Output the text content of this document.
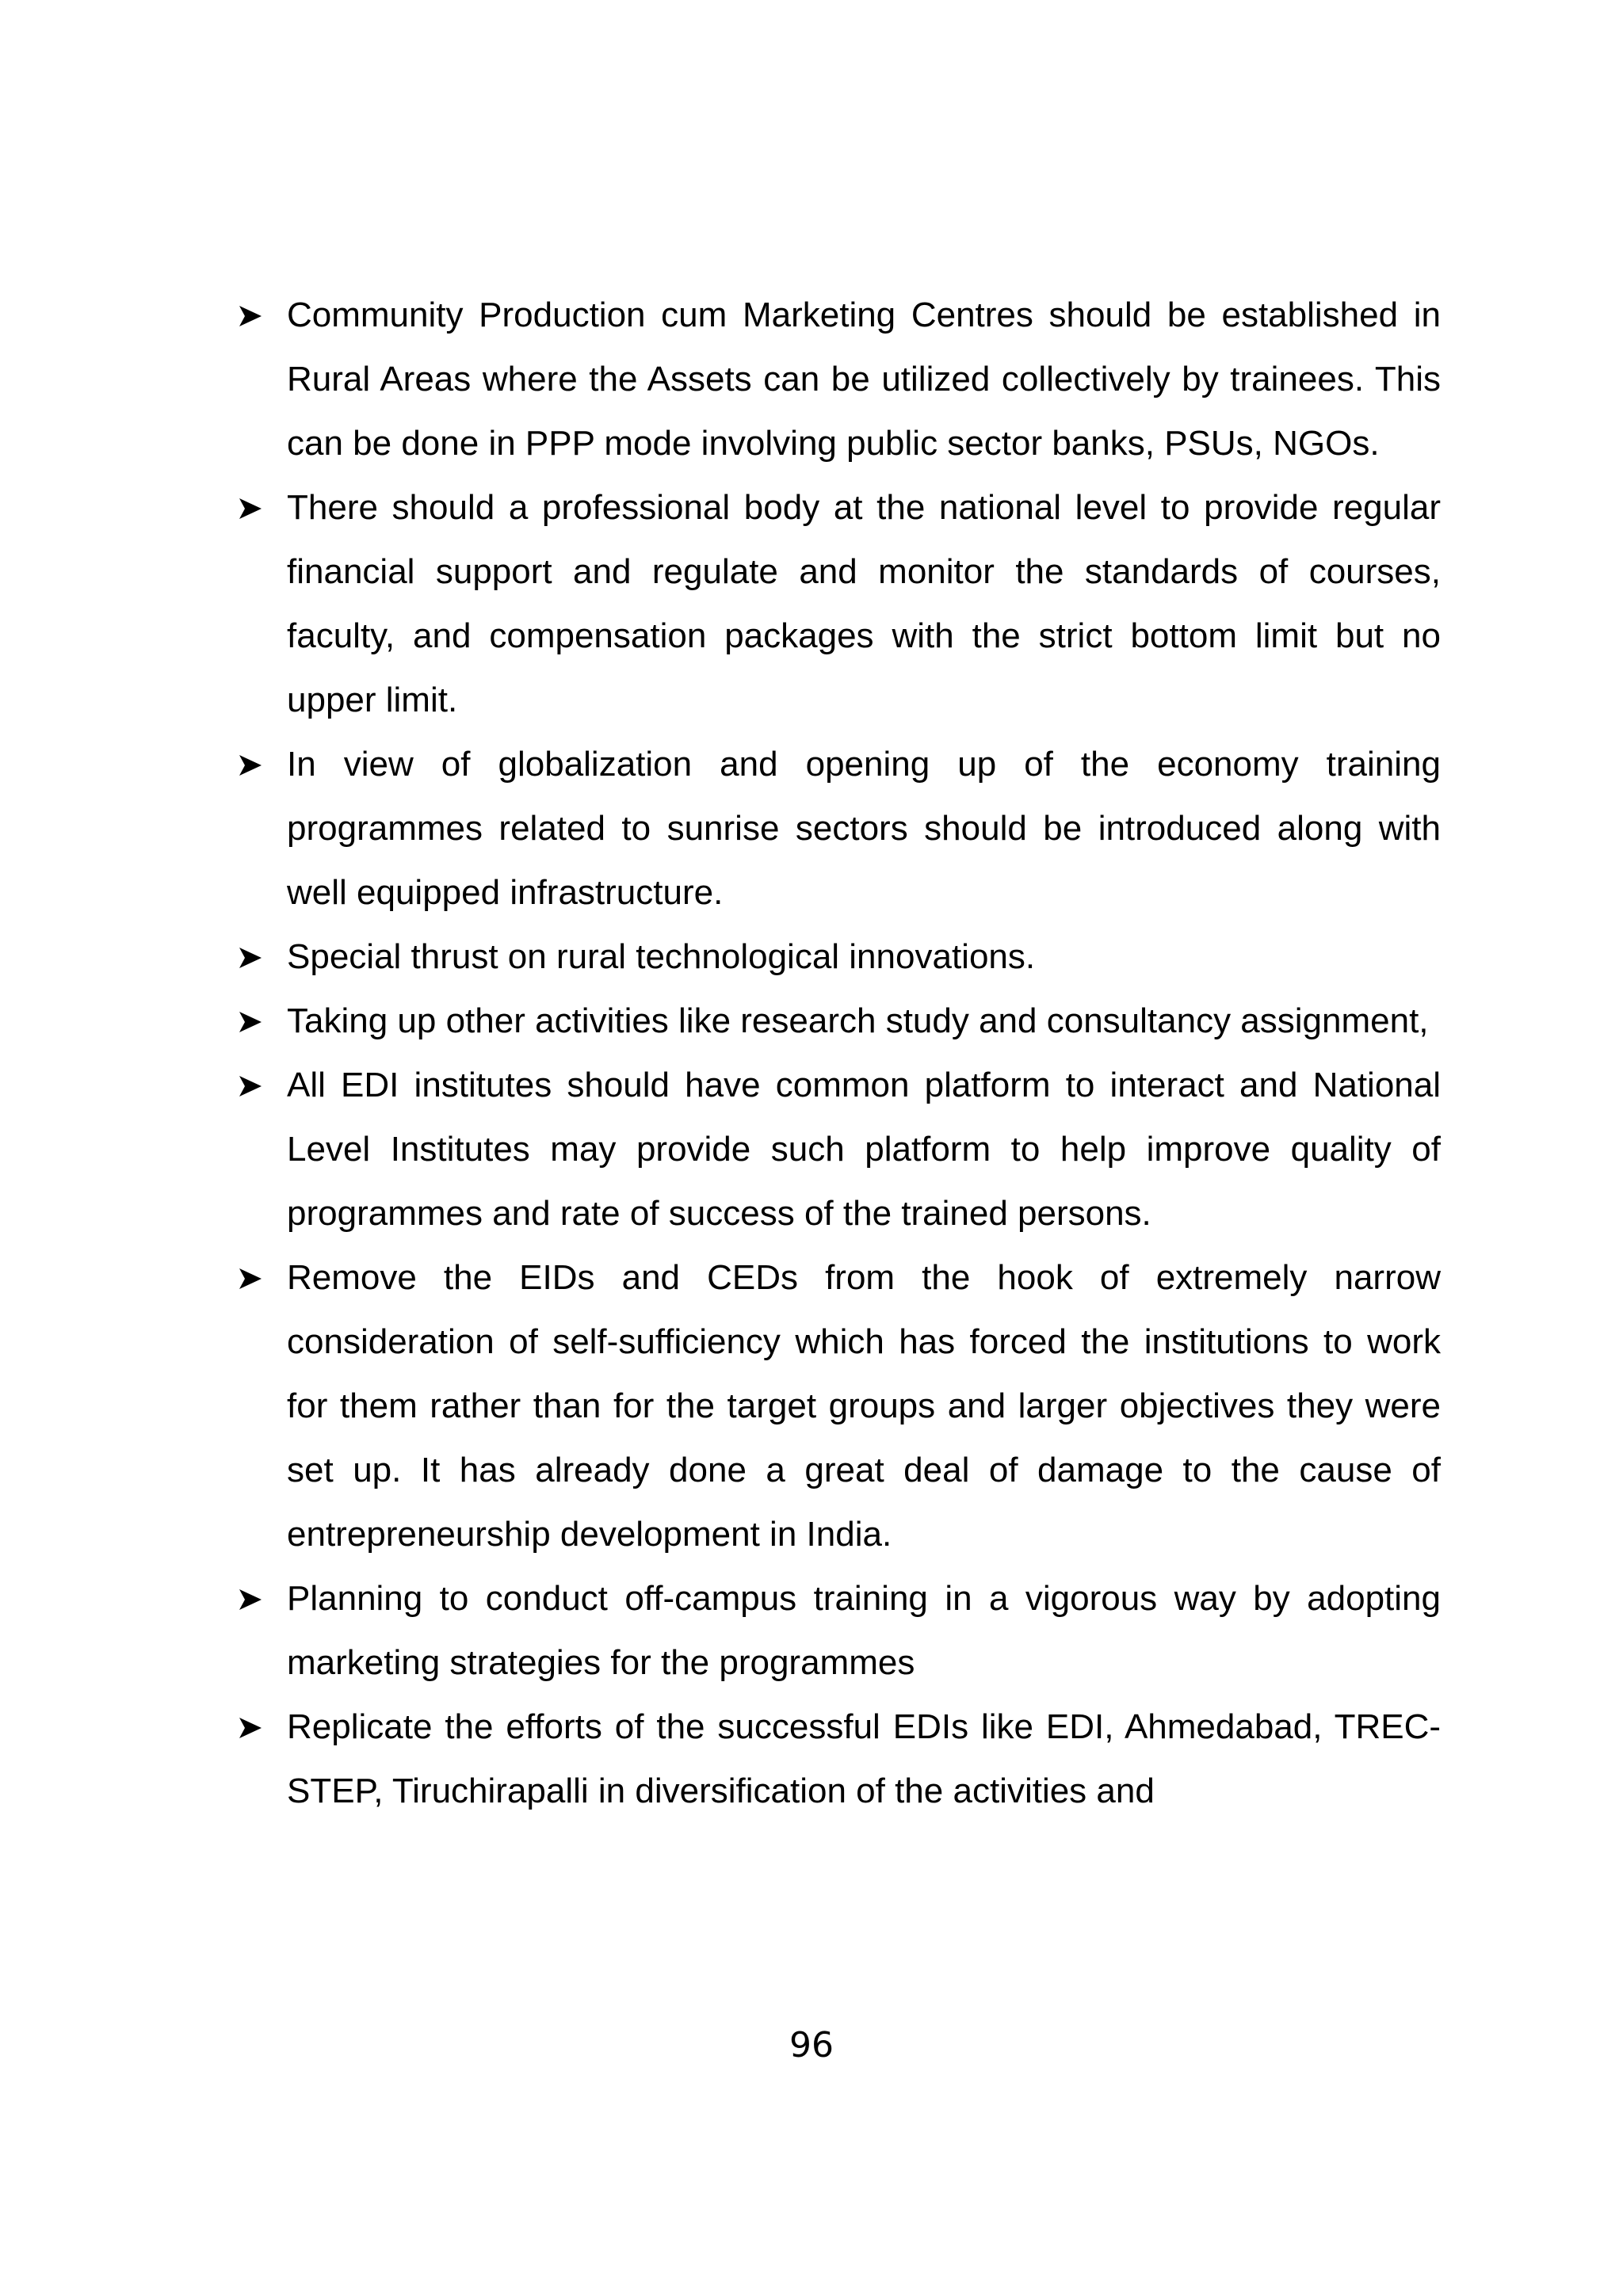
Community Production cum Marketing Centres should be established in Rural Areas where the Assets can be utilized collectively by trainees. This can be done in PPP mode involving public sector banks, PSUs, NGOs.
There should a professional body at the national level to provide regular financial support and regulate and monitor the standards of courses, faculty, and compensation packages with the strict bottom limit but no upper limit.
In view of globalization and opening up of the economy training programmes related to sunrise sectors should be introduced along with well equipped infrastructure.
Special thrust on rural technological innovations.
Taking up other activities like research study and consultancy assignment,
All EDI institutes should have common platform to interact and National Level Institutes may provide such platform to help improve quality of programmes and rate of success of the trained persons.
Remove the EIDs and CEDs from the hook of extremely narrow consideration of self-sufficiency which has forced the institutions to work for them rather than for the target groups and larger objectives they were set up. It has already done a great deal of damage to the cause of entrepreneurship development in India.
Planning to conduct off-campus training in a vigorous way by adopting marketing strategies for the programmes
Replicate the efforts of the successful EDIs like EDI, Ahmedabad, TREC- STEP, Tiruchirapalli in diversification of the activities and
96
